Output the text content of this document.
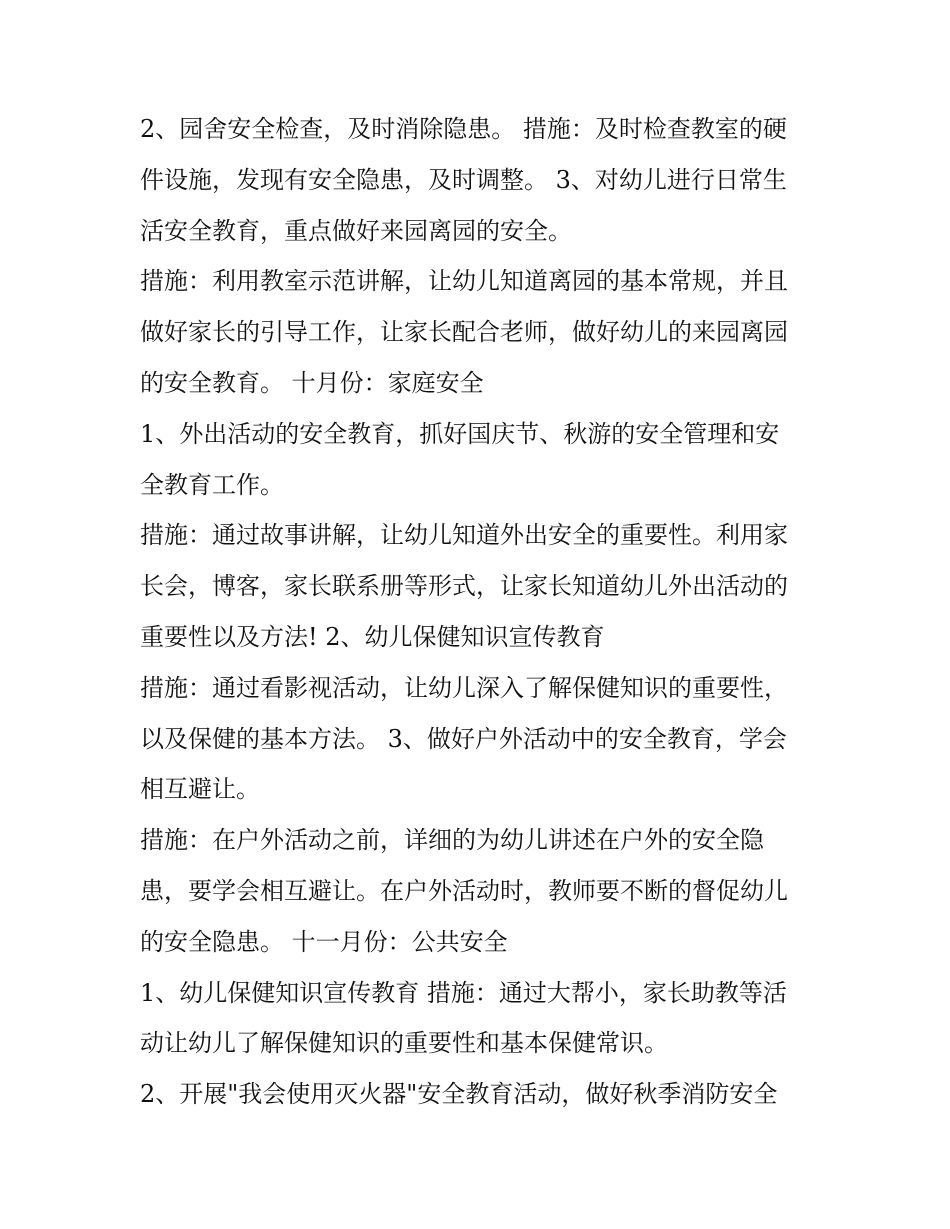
2、园舍安全检查，及时消除隐患。 措施：及时检查教室的硬
件设施，发现有安全隐患，及时调整。 3、对幼儿进行日常生
活安全教育，重点做好来园离园的安全。
措施：利用教室示范讲解，让幼儿知道离园的基本常规，并且
做好家长的引导工作，让家长配合老师，做好幼儿的来园离园
的安全教育。 十月份：家庭安全
1、外出活动的安全教育，抓好国庆节、秋游的安全管理和安
全教育工作。
措施：通过故事讲解，让幼儿知道外出安全的重要性。利用家
长会，博客，家长联系册等形式，让家长知道幼儿外出活动的
重要性以及方法! 2、幼儿保健知识宣传教育
措施：通过看影视活动，让幼儿深入了解保健知识的重要性，
以及保健的基本方法。 3、做好户外活动中的安全教育，学会
相互避让。
措施：在户外活动之前，详细的为幼儿讲述在户外的安全隐
患，要学会相互避让。在户外活动时，教师要不断的督促幼儿
的安全隐患。 十一月份：公共安全
1、幼儿保健知识宣传教育 措施：通过大帮小，家长助教等活
动让幼儿了解保健知识的重要性和基本保健常识。
2、开展"我会使用灭火器"安全教育活动，做好秋季消防安全
